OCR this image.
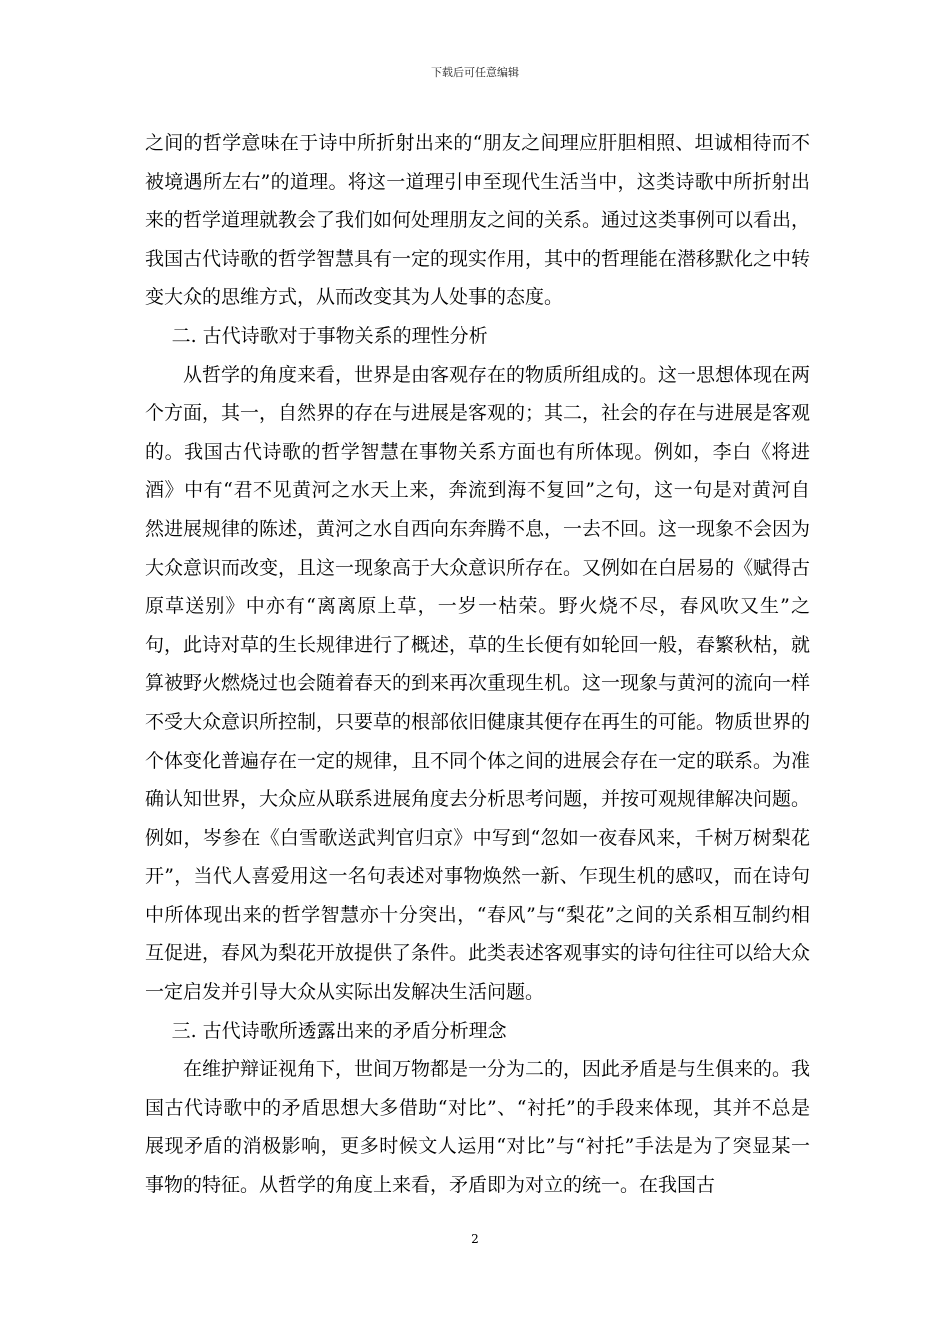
下载后可任意编辑

之间的哲学意味在于诗中所折射出来的“朋友之间理应肝胆相照、坦诚相待而不被境遇所左右”的道理。将这一道理引申至现代生活当中，这类诗歌中所折射出来的哲学道理就教会了我们如何处理朋友之间的关系。通过这类事例可以看出，我国古代诗歌的哲学智慧具有一定的现实作用，其中的哲理能在潜移默化之中转变大众的思维方式，从而改变其为人处事的态度。

二. 古代诗歌对于事物关系的理性分析

从哲学的角度来看，世界是由客观存在的物质所组成的。这一思想体现在两个方面，其一，自然界的存在与进展是客观的；其二，社会的存在与进展是客观的。我国古代诗歌的哲学智慧在事物关系方面也有所体现。例如，李白《将进酒》中有“君不见黄河之水天上来，奔流到海不复回”之句，这一句是对黄河自然进展规律的陈述，黄河之水自西向东奔腾不息，一去不回。这一现象不会因为大众意识而改变，且这一现象高于大众意识所存在。又例如在白居易的《赋得古原草送别》中亦有“离离原上草，一岁一枯荣。野火烧不尽，春风吹又生”之句，此诗对草的生长规律进行了概述，草的生长便有如轮回一般，春繁秋枯，就算被野火燃烧过也会随着春天的到来再次重现生机。这一现象与黄河的流向一样不受大众意识所控制，只要草的根部依旧健康其便存在再生的可能。物质世界的个体变化普遍存在一定的规律，且不同个体之间的进展会存在一定的联系。为准确认知世界，大众应从联系进展角度去分析思考问题，并按可观规律解决问题。例如，岑参在《白雪歌送武判官归京》中写到“忽如一夜春风来，千树万树梨花开”，当代人喜爱用这一名句表述对事物焕然一新、乍现生机的感叹，而在诗句中所体现出来的哲学智慧亦十分突出，“春风”与“梨花”之间的关系相互制约相互促进，春风为梨花开放提供了条件。此类表述客观事实的诗句往往可以给大众一定启发并引导大众从实际出发解决生活问题。

三. 古代诗歌所透露出来的矛盾分析理念

在维护辩证视角下，世间万物都是一分为二的，因此矛盾是与生俱来的。我国古代诗歌中的矛盾思想大多借助“对比”、“衬托”的手段来体现，其并不总是展现矛盾的消极影响，更多时候文人运用“对比”与“衬托”手法是为了突显某一事物的特征。从哲学的角度上来看，矛盾即为对立的统一。在我国古

2
